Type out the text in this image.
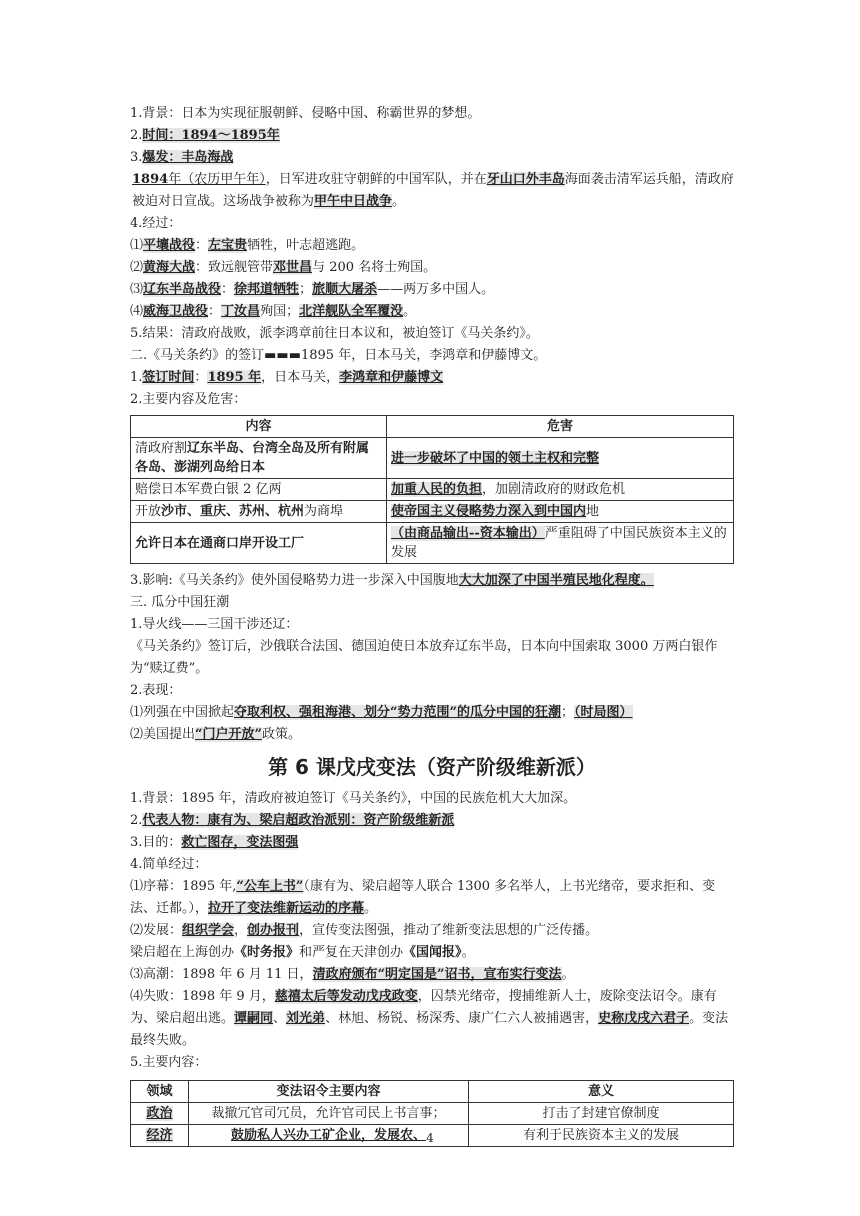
1.背景：日本为实现征服朝鲜、侵略中国、称霸世界的梦想。
2.时间：1894～1895年
3.爆发：丰岛海战
1894年（农历甲午年），日军进攻驻守朝鲜的中国军队，并在牙山口外丰岛海面袭击清军运兵船，清政府被迫对日宣战。这场战争被称为甲午中日战争。
4.经过：
⑴平壤战役：左宝贵牺牲，叶志超逃跑。
⑵黄海大战：致远舰管带邓世昌与 200 名将士殉国。
⑶辽东半岛战役：徐邦道牺牲；旅顺大屠杀——两万多中国人。
⑷威海卫战役：丁汝昌殉国；北洋舰队全军覆没。
5.结果：清政府战败，派李鸿章前往日本议和，被迫签订《马关条约》。
二.《马关条约》的签订▬▬▬1895 年，日本马关，李鸿章和伊藤博文。
1.签订时间：1895 年，日本马关，李鸿章和伊藤博文
2.主要内容及危害：
内容	危害
清政府割辽东半岛、台湾全岛及所有附属各岛、澎湖列岛给日本	进一步破坏了中国的领土主权和完整
赔偿日本军费白银 2 亿两	加重人民的负担，加剧清政府的财政危机
开放沙市、重庆、苏州、杭州为商埠	使帝国主义侵略势力深入到中国内地
允许日本在通商口岸开设工厂	（由商品输出--资本输出）严重阻碍了中国民族资本主义的发展
3.影响:《马关条约》使外国侵略势力进一步深入中国腹地大大加深了中国半殖民地化程度。
三. 瓜分中国狂潮
1.导火线——三国干涉还辽：
《马关条约》签订后，沙俄联合法国、德国迫使日本放弃辽东半岛，日本向中国索取 3000 万两白银作为“赎辽费”。
2.表现：
⑴列强在中国掀起夺取利权、强租海港、划分“势力范围”的瓜分中国的狂潮；（时局图）
⑵美国提出“门户开放”政策。
第 6 课戊戌变法（资产阶级维新派）
1.背景：1895 年，清政府被迫签订《马关条约》，中国的民族危机大大加深。
2.代表人物：康有为、梁启超政治派别：资产阶级维新派
3.目的：救亡图存，变法图强
4.简单经过：
⑴序幕：1895 年,“公车上书”（康有为、梁启超等人联合 1300 多名举人，上书光绪帝，要求拒和、变法、迁都。），拉开了变法维新运动的序幕。
⑵发展：组织学会，创办报刊，宣传变法图强，推动了维新变法思想的广泛传播。
梁启超在上海创办《时务报》和严复在天津创办《国闻报》。
⑶高潮：1898 年 6 月 11 日，清政府颁布“明定国是”诏书，宣布实行变法。
⑷失败：1898 年 9 月，慈禧太后等发动戊戌政变，囚禁光绪帝，搜捕维新人士，废除变法诏令。康有为、梁启超出逃。谭嗣同、刘光弟、林旭、杨锐、杨深秀、康广仁六人被捕遇害，史称戊戌六君子。变法最终失败。
5.主要内容：
领域	变法诏令主要内容	意义
政治	裁撤冗官司冗员，允许官司民上书言事；	打击了封建官僚制度
经济	鼓励私人兴办工矿企业，发展农、	有利于民族资本主义的发展
4
